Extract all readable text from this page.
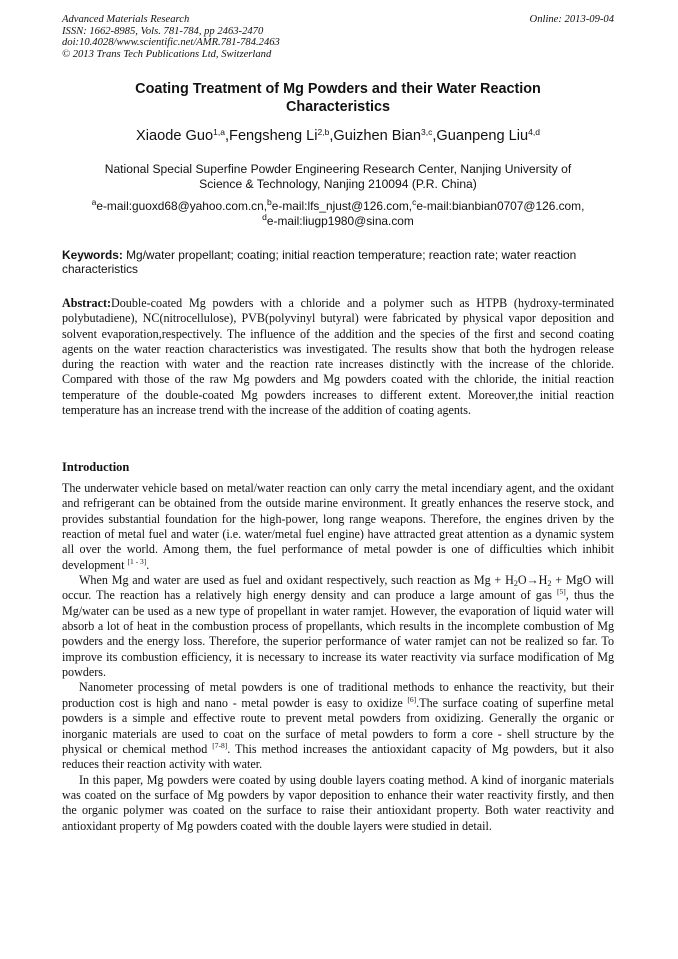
Advanced Materials Research
ISSN: 1662-8985, Vols. 781-784, pp 2463-2470
doi:10.4028/www.scientific.net/AMR.781-784.2463
© 2013 Trans Tech Publications Ltd, Switzerland
Online: 2013-09-04
Coating Treatment of Mg Powders and their Water Reaction
Characteristics
Xiaode Guo$^{1,a}$,Fengsheng Li$^{2,b}$,Guizhen Bian$^{3,c}$,Guanpeng Liu$^{4,d}$
National Special Superfine Powder Engineering Research Center, Nanjing University of
Science & Technology, Nanjing 210094 (P.R. China)
$^a$e-mail:guoxd68@yahoo.com.cn,$^b$e-mail:lfs_njust@126.com,$^c$e-mail:bianbian0707@126.com,
$^d$e-mail:liugp1980@sina.com
Keywords: Mg/water propellant; coating; initial reaction temperature; reaction rate; water reaction characteristics
Abstract:Double-coated Mg powders with a chloride and a polymer such as HTPB (hydroxy-terminated polybutadiene), NC(nitrocellulose), PVB(polyvinyl butyral) were fabricated by physical vapor deposition and solvent evaporation,respectively. The influence of the addition and the species of the first and second coating agents on the water reaction characteristics was investigated. The results show that both the hydrogen release during the reaction with water and the reaction rate increases distinctly with the increase of the chloride. Compared with those of the raw Mg powders and Mg powders coated with the chloride, the initial reaction temperature of the double-coated Mg powders increases to different extent. Moreover,the initial reaction temperature has an increase trend with the increase of the addition of coating agents.
Introduction

The underwater vehicle based on metal/water reaction can only carry the metal incendiary agent, and the oxidant and refrigerant can be obtained from the outside marine environment. It greatly enhances the reserve stock, and provides substantial foundation for the high-power, long range weapons. Therefore, the engines driven by the reaction of metal fuel and water (i.e. water/metal fuel engine) have attracted great attention as a dynamic system all over the world. Among them, the fuel performance of metal powder is one of difficulties which inhibit development [1 - 3].

When Mg and water are used as fuel and oxidant respectively, such reaction as $Mg + H_2O\to H_2$ + MgO will occur. The reaction has a relatively high energy density and can produce a large amount of gas [5], thus the Mg/water can be used as a new type of propellant in water ramjet. However, the evaporation of liquid water will absorb a lot of heat in the combustion process of propellants, which results in the incomplete combustion of Mg powders and the energy loss. Therefore, the superior performance of water ramjet can not be realized so far. To improve its combustion efficiency, it is necessary to increase its water reactivity via surface modification of Mg powders.

Nanometer processing of metal powders is one of traditional methods to enhance the reactivity, but their production cost is high and nano - metal powder is easy to oxidize [6].The surface coating of superfine metal powders is a simple and effective route to prevent metal powders from oxidizing. Generally the organic or inorganic materials are used to coat on the surface of metal powders to form a core - shell structure by the physical or chemical method [7-8]. This method increases the antioxidant capacity of Mg powders, but it also reduces their reaction activity with water.

In this paper, Mg powders were coated by using double layers coating method. A kind of inorganic materials was coated on the surface of Mg powders by vapor deposition to enhance their water reactivity firstly, and then the organic polymer was coated on the surface to raise their antioxidant property. Both water reactivity and antioxidant property of Mg powders coated with the double layers were studied in detail.
